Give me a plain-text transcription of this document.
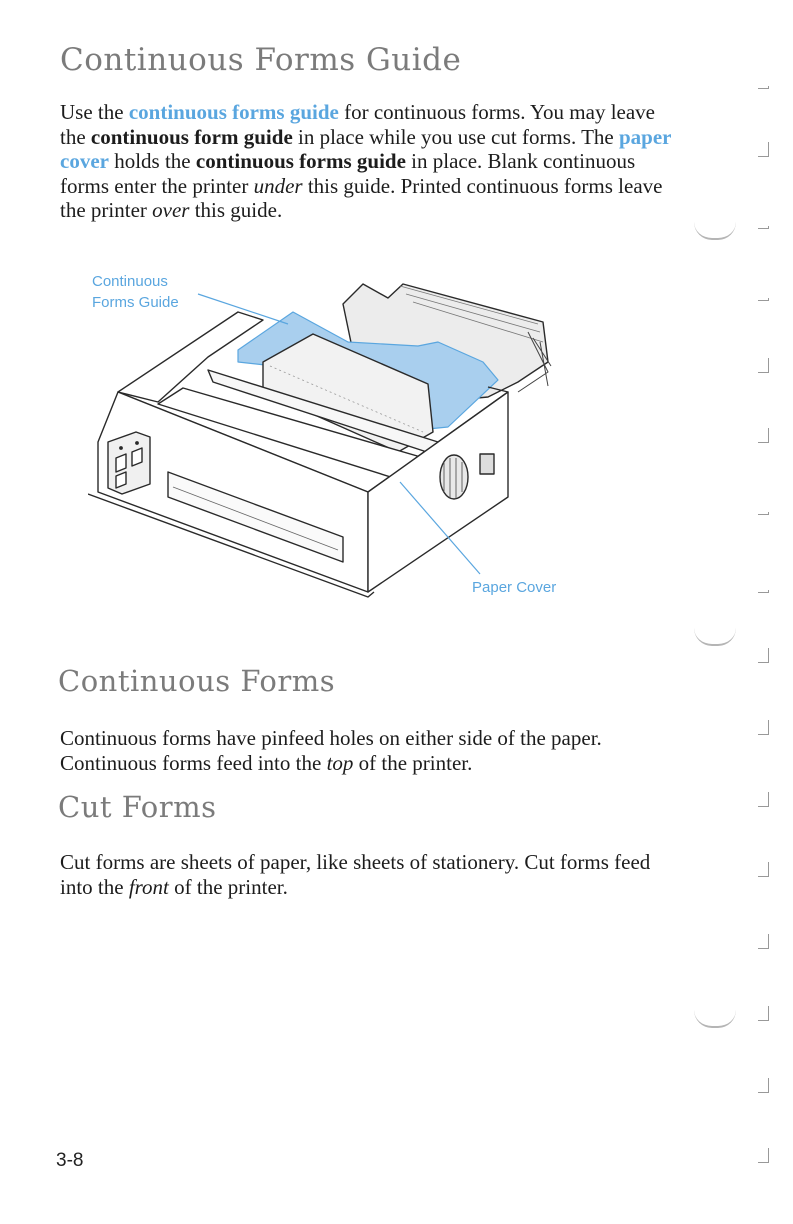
Continuous Forms Guide

Use the continuous forms guide for continuous forms. You may leave the continuous form guide in place while you use cut forms. The paper cover holds the continuous forms guide in place. Blank continuous forms enter the printer under this guide. Printed continuous forms leave the printer over this guide.

Continuous
Forms Guide

Paper Cover

Continuous Forms

Continuous forms have pinfeed holes on either side of the paper. Continuous forms feed into the top of the printer.

Cut Forms

Cut forms are sheets of paper, like sheets of stationery. Cut forms feed into the front of the printer.

3-8
